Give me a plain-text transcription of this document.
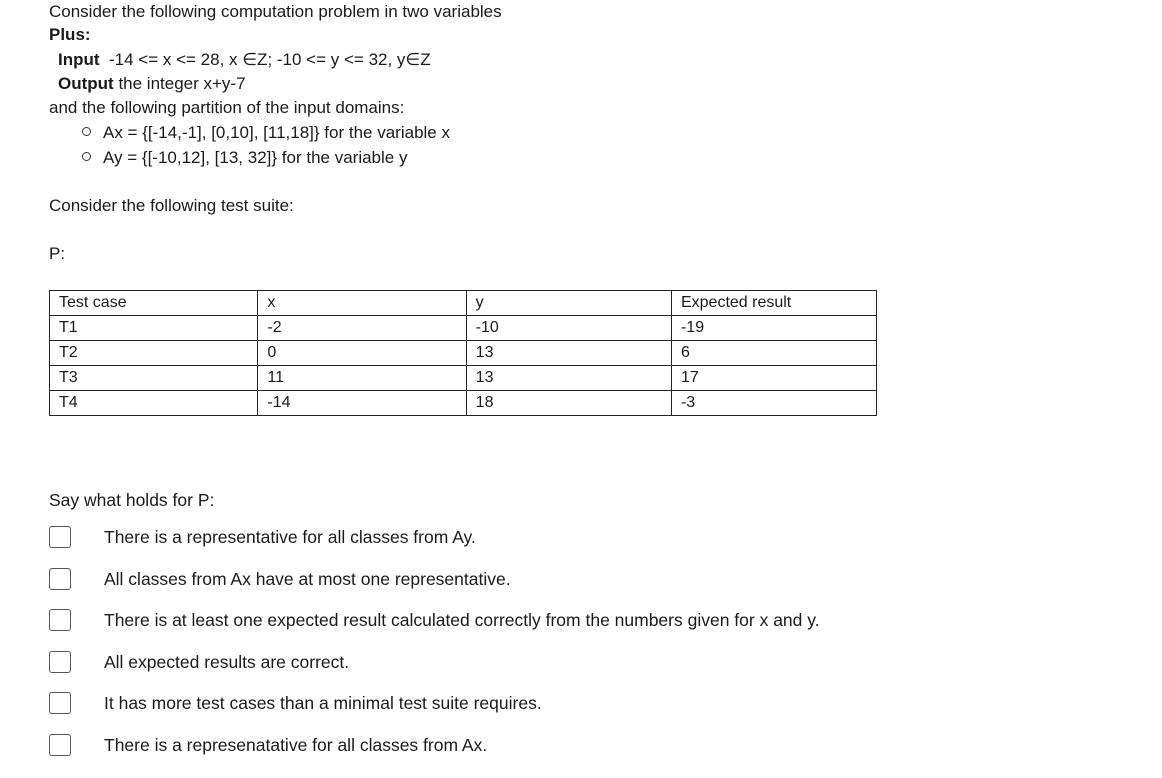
Consider the following computation problem in two variables
Plus:
Input -14 <= x <= 28, x ∈Z; -10 <= y <= 32, y∈Z
Output the integer x+y-7
and the following partition of the input domains:
Ax = {[-14,-1], [0,10], [11,18]} for the variable x
Ay = {[-10,12], [13, 32]} for the variable y
Consider the following test suite:
P:
Test case	x	y	Expected result
T1	-2	-10	-19
T2	0	13	6
T3	11	13	17
T4	-14	18	-3
Say what holds for P:
There is a representative for all classes from Ay.
All classes from Ax have at most one representative.
There is at least one expected result calculated correctly from the numbers given for x and y.
All expected results are correct.
It has more test cases than a minimal test suite requires.
There is a represenatative for all classes from Ax.
